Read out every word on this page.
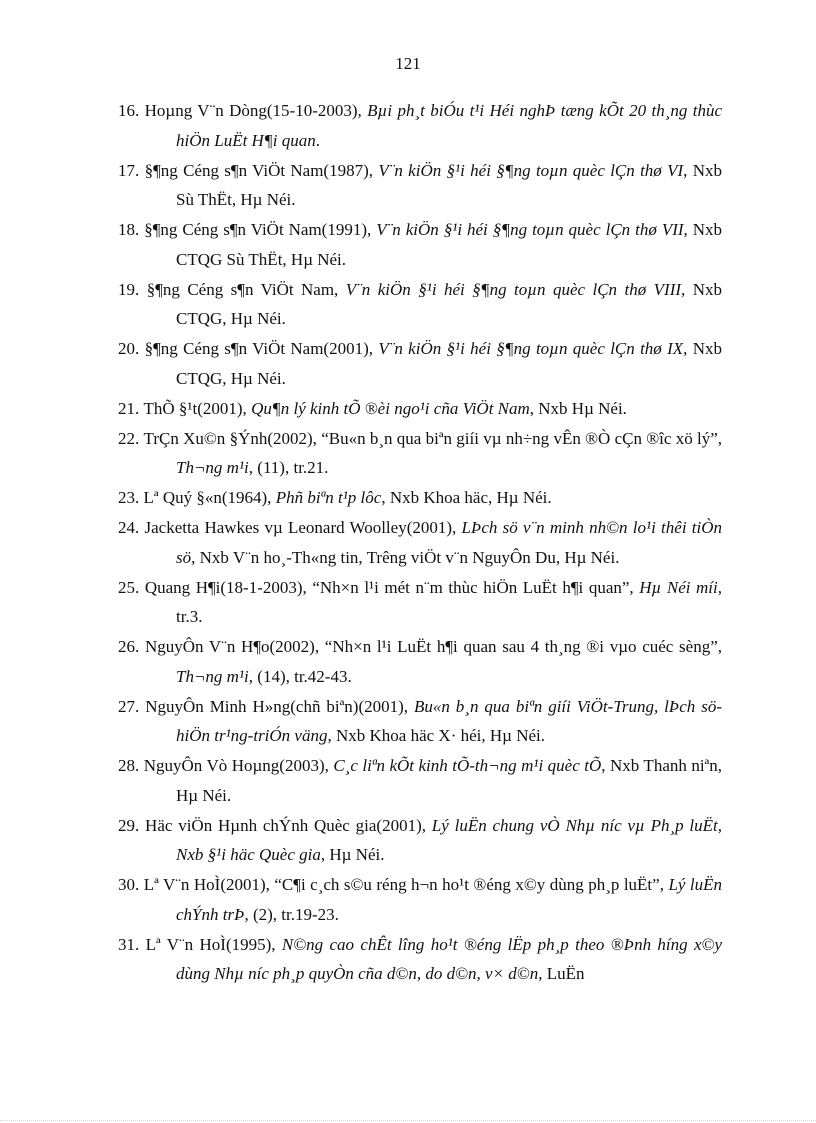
121
16. Hoµng V¨n Dòng(15-10-2003), Bµi ph¸t biÓu t¹i Héi nghÞ tæng kÕt 20 th¸ng thùc hiÖn LuËt H¶i quan.
17. §¶ng Céng s¶n ViÖt Nam(1987), V¨n kiÖn §¹i héi §¶ng toµn quèc lÇn thø VI, Nxb Sù ThËt, Hµ Néi.
18. §¶ng Céng s¶n ViÖt Nam(1991), V¨n kiÖn §¹i héi §¶ng toµn quèc lÇn thø VII, Nxb CTQG Sù ThËt, Hµ Néi.
19. §¶ng Céng s¶n ViÖt Nam, V¨n kiÖn §¹i héi §¶ng toµn quèc lÇn thø VIII, Nxb CTQG, Hµ Néi.
20. §¶ng Céng s¶n ViÖt Nam(2001), V¨n kiÖn §¹i héi §¶ng toµn quèc lÇn thø IX, Nxb CTQG, Hµ Néi.
21. ThÕ §¹t(2001), Qu¶n lý kinh tÕ ®èi ngo¹i cña ViÖt Nam, Nxb Hµ Néi.
22. TrÇn Xu©n §Ýnh(2002), “Bu«n b¸n qua biªn giíi vµ nh÷ng vÊn ®Ò cÇn ®îc xö lý”, Th¬ng m¹i, (11), tr.21.
23. Lª Quý §«n(1964), Phñ biªn t¹p lôc, Nxb Khoa häc, Hµ Néi.
24. Jacketta Hawkes vµ Leonard Woolley(2001), LÞch sö v¨n minh nh©n lo¹i thêi tiÒn sö, Nxb V¨n ho¸-Th«ng tin, Trêng viÖt v¨n NguyÔn Du, Hµ Néi.
25. Quang H¶i(18-1-2003), “Nh×n l¹i mét n¨m thùc hiÖn LuËt h¶i quan”, Hµ Néi míi, tr.3.
26. NguyÔn V¨n H¶o(2002), “Nh×n l¹i LuËt h¶i quan sau 4 th¸ng ®i vµo cuéc sèng”, Th¬ng m¹i, (14), tr.42-43.
27. NguyÔn Minh H»ng(chñ biªn)(2001), Bu«n b¸n qua biªn giíi ViÖt-Trung, lÞch sö-hiÖn tr¹ng-triÓn väng, Nxb Khoa häc X· héi, Hµ Néi.
28. NguyÔn Vò Hoµng(2003), C¸c liªn kÕt kinh tÕ-th¬ng m¹i quèc tÕ, Nxb Thanh niªn, Hµ Néi.
29. Häc viÖn Hµnh chÝnh Quèc gia(2001), Lý luËn chung vÒ Nhµ níc vµ Ph¸p luËt, Nxb §¹i häc Quèc gia, Hµ Néi.
30. Lª V¨n HoÌ(2001), “C¶i c¸ch s©u réng h¬n ho¹t ®éng x©y dùng ph¸p luËt”, Lý luËn chÝnh trÞ, (2), tr.19-23.
31. Lª V¨n HoÌ(1995), N©ng cao chÊt lîng ho¹t ®éng lËp ph¸p theo ®Þnh híng x©y dùng Nhµ níc ph¸p quyÒn cña d©n, do d©n, v× d©n, LuËn
